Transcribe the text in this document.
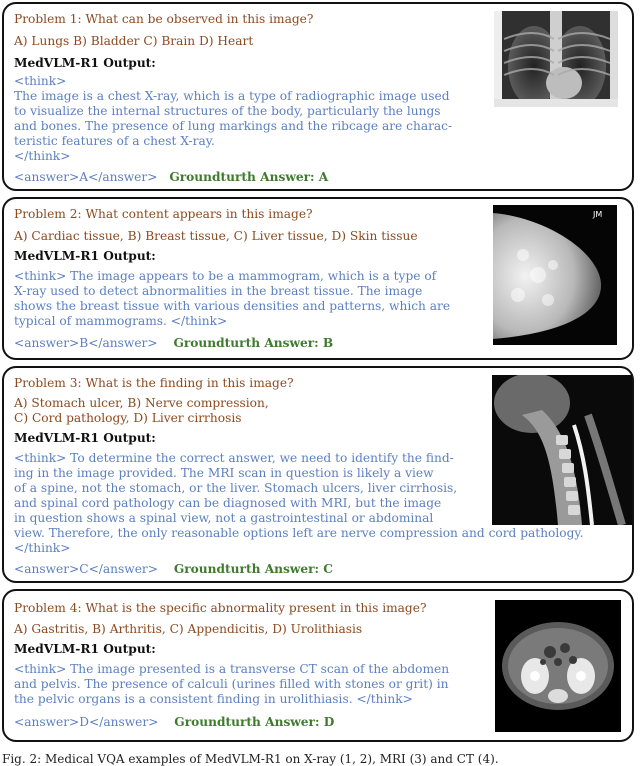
Problem 1: What can be observed in this image?
A) Lungs B) Bladder C) Brain D) Heart
MedVLM-R1 Output:
<think>
The image is a chest X-ray, which is a type of radiographic image used
to visualize the internal structures of the body, particularly the lungs
and bones. The presence of lung markings and the ribcage are charac-
teristic features of a chest X-ray.
</think>
<answer>A</answer> Groundturth Answer: A
Problem 2: What content appears in this image?
A) Cardiac tissue, B) Breast tissue, C) Liver tissue, D) Skin tissue
MedVLM-R1 Output:
<think> The image appears to be a mammogram, which is a type of
X-ray used to detect abnormalities in the breast tissue. The image
shows the breast tissue with various densities and patterns, which are
typical of mammograms. </think>
<answer>B</answer> Groundturth Answer: B
JM
Problem 3: What is the finding in this image?
A) Stomach ulcer, B) Nerve compression,
C) Cord pathology, D) Liver cirrhosis
MedVLM-R1 Output:
<think> To determine the correct answer, we need to identify the find-
ing in the image provided. The MRI scan in question is likely a view
of a spine, not the stomach, or the liver. Stomach ulcers, liver cirrhosis,
and spinal cord pathology can be diagnosed with MRI, but the image
in question shows a spinal view, not a gastrointestinal or abdominal
view. Therefore, the only reasonable options left are nerve compression and cord pathology.
</think>
<answer>C</answer> Groundturth Answer: C
Problem 4: What is the specific abnormality present in this image?
A) Gastritis, B) Arthritis, C) Appendicitis, D) Urolithiasis
MedVLM-R1 Output:
<think> The image presented is a transverse CT scan of the abdomen
and pelvis. The presence of calculi (urines filled with stones or grit) in
the pelvic organs is a consistent finding in urolithiasis. </think>
<answer>D</answer> Groundturth Answer: D
Fig. 2: Medical VQA examples of MedVLM-R1 on X-ray (1, 2), MRI (3) and CT (4).
